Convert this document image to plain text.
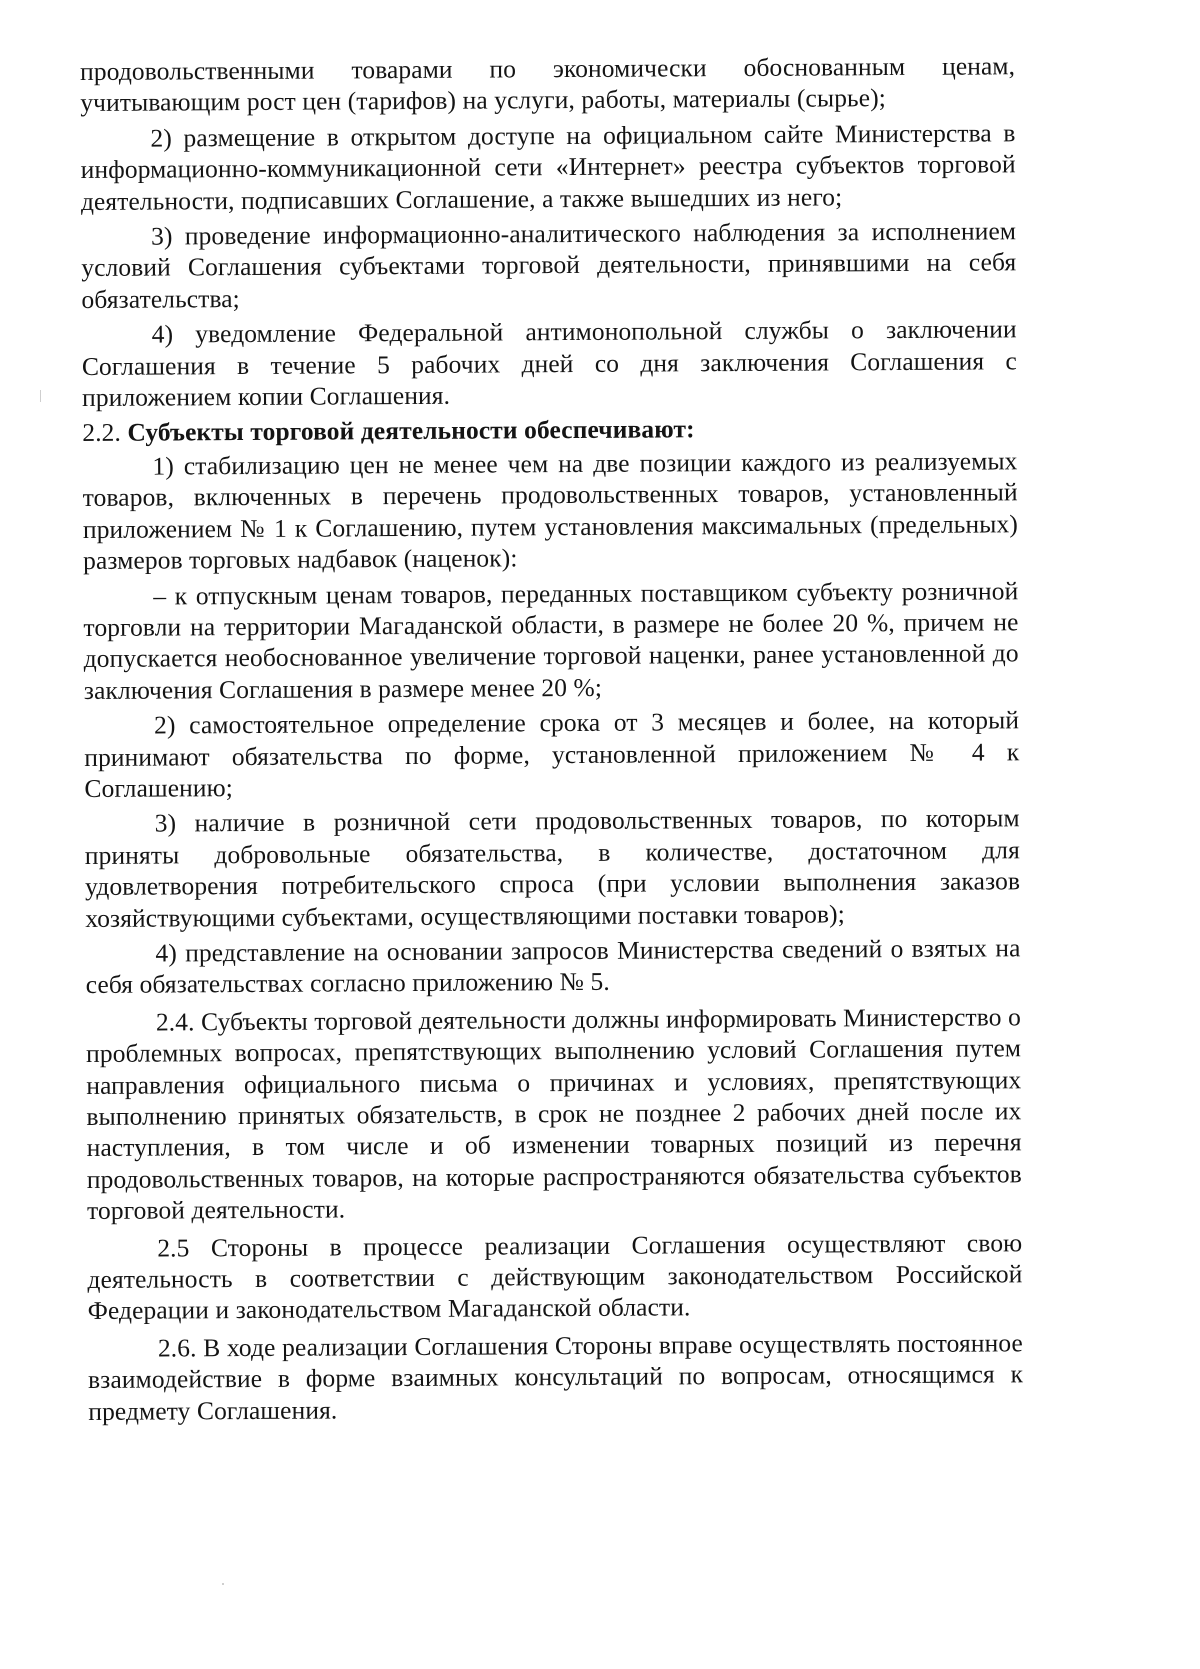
продовольственными товарами по экономически обоснованным ценам, учитывающим рост цен (тарифов) на услуги, работы, материалы (сырье);

2) размещение в открытом доступе на официальном сайте Министерства в информационно-коммуникационной сети «Интернет» реестра субъектов торговой деятельности, подписавших Соглашение, а также вышедших из него;

3) проведение информационно-аналитического наблюдения за исполнением условий Соглашения субъектами торговой деятельности, принявшими на себя обязательства;

4) уведомление Федеральной антимонопольной службы о заключении Соглашения в течение 5 рабочих дней со дня заключения Соглашения с приложением копии Соглашения.

2.2. Субъекты торговой деятельности обеспечивают:

1) стабилизацию цен не менее чем на две позиции каждого из реализуемых товаров, включенных в перечень продовольственных товаров, установленный приложением № 1 к Соглашению, путем установления максимальных (предельных) размеров торговых надбавок (наценок):

– к отпускным ценам товаров, переданных поставщиком субъекту розничной торговли на территории Магаданской области, в размере не более 20 %, причем не допускается необоснованное увеличение торговой наценки, ранее установленной до заключения Соглашения в размере менее 20 %;

2) самостоятельное определение срока от 3 месяцев и более, на который принимают обязательства по форме, установленной приложением № 4 к Соглашению;

3) наличие в розничной сети продовольственных товаров, по которым приняты добровольные обязательства, в количестве, достаточном для удовлетворения потребительского спроса (при условии выполнения заказов хозяйствующими субъектами, осуществляющими поставки товаров);

4) представление на основании запросов Министерства сведений о взятых на себя обязательствах согласно приложению № 5.

2.4. Субъекты торговой деятельности должны информировать Министерство о проблемных вопросах, препятствующих выполнению условий Соглашения путем направления официального письма о причинах и условиях, препятствующих выполнению принятых обязательств, в срок не позднее 2 рабочих дней после их наступления, в том числе и об изменении товарных позиций из перечня продовольственных товаров, на которые распространяются обязательства субъектов торговой деятельности.

2.5 Стороны в процессе реализации Соглашения осуществляют свою деятельность в соответствии с действующим законодательством Российской Федерации и законодательством Магаданской области.

2.6. В ходе реализации Соглашения Стороны вправе осуществлять постоянное взаимодействие в форме взаимных консультаций по вопросам, относящимся к предмету Соглашения.
